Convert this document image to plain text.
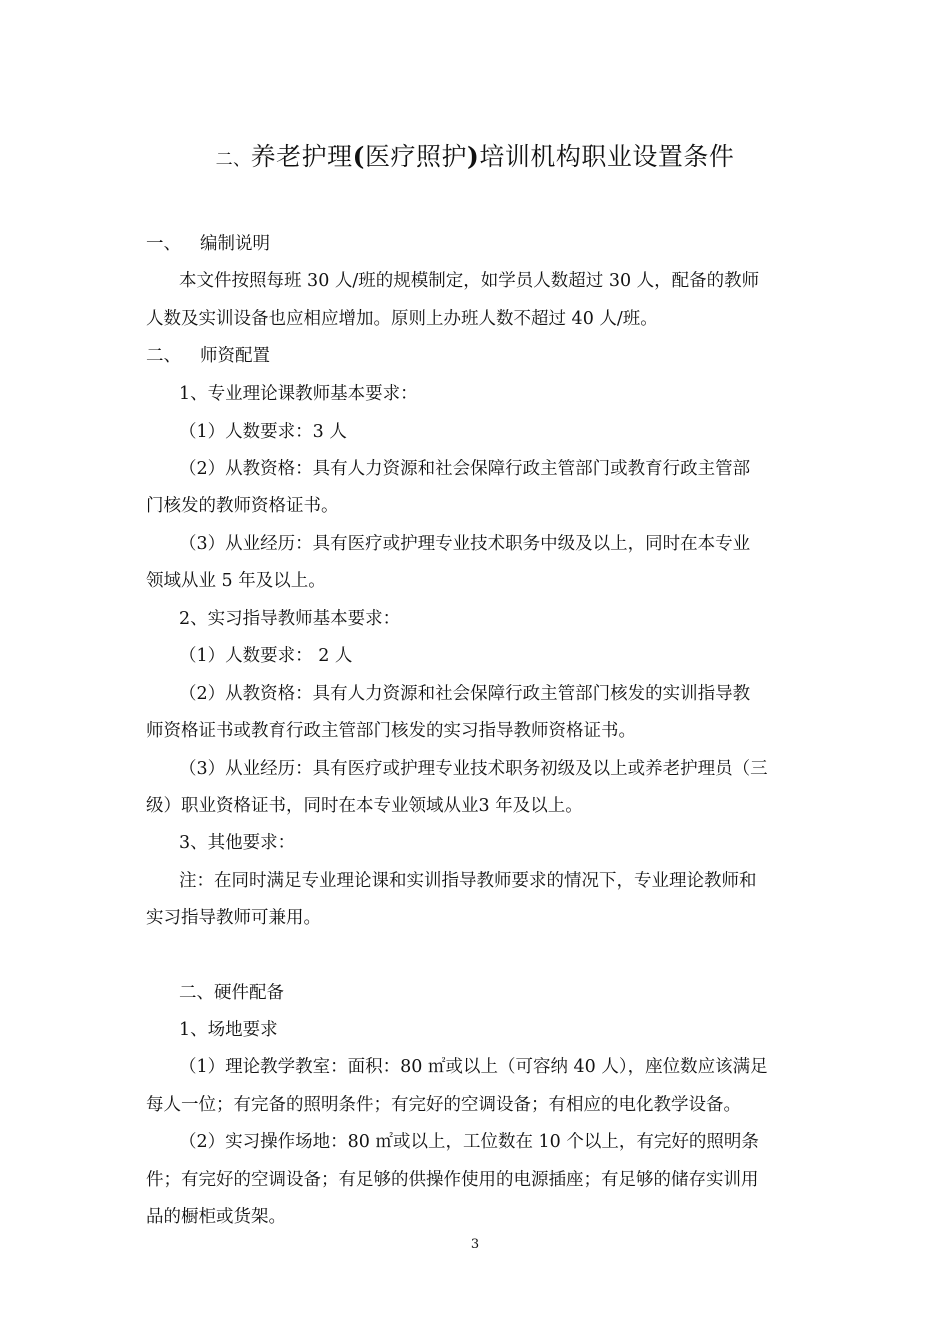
二、养老护理(医疗照护)培训机构职业设置条件
一、 编制说明
本文件按照每班 30 人/班的规模制定，如学员人数超过 30 人，配备的教师
人数及实训设备也应相应增加。原则上办班人数不超过 40 人/班。
二、 师资配置
1、专业理论课教师基本要求：
（1）人数要求：3 人
（2）从教资格：具有人力资源和社会保障行政主管部门或教育行政主管部
门核发的教师资格证书。
（3）从业经历：具有医疗或护理专业技术职务中级及以上，同时在本专业
领域从业 5 年及以上。
2、实习指导教师基本要求：
（1）人数要求： 2 人
（2）从教资格：具有人力资源和社会保障行政主管部门核发的实训指导教
师资格证书或教育行政主管部门核发的实习指导教师资格证书。
（3）从业经历：具有医疗或护理专业技术职务初级及以上或养老护理员（三
级）职业资格证书，同时在本专业领域从业3 年及以上。
3、其他要求：
注：在同时满足专业理论课和实训指导教师要求的情况下，专业理论教师和
实习指导教师可兼用。
二、硬件配备
1、场地要求
（1）理论教学教室：面积：80 ㎡或以上（可容纳 40 人），座位数应该满足
每人一位；有完备的照明条件；有完好的空调设备；有相应的电化教学设备。
（2）实习操作场地：80 ㎡或以上，工位数在 10 个以上，有完好的照明条
件；有完好的空调设备；有足够的供操作使用的电源插座；有足够的储存实训用
品的橱柜或货架。
3
